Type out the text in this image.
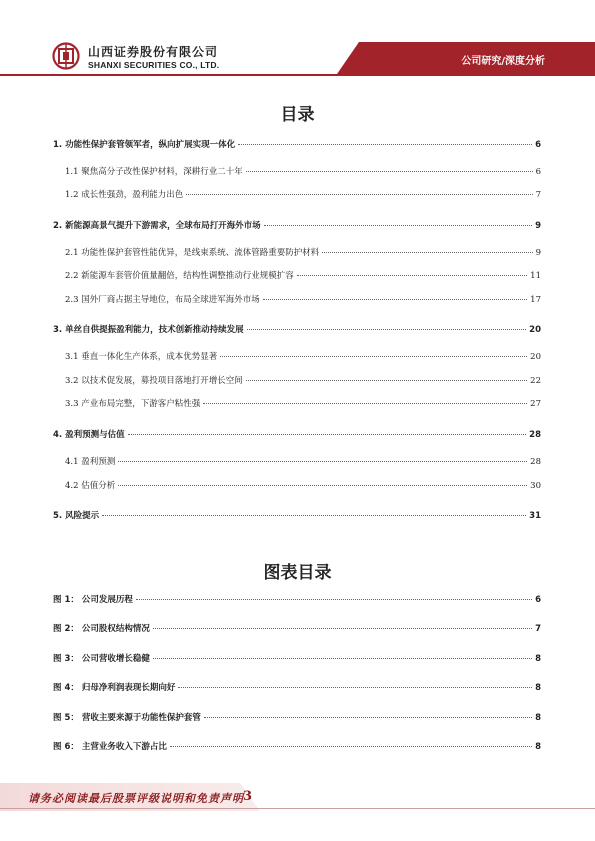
山西证券股份有限公司
SHANXI SECURITIES CO., LTD.	公司研究/深度分析
目录
1. 功能性保护套管领军者，纵向扩展实现一体化	6
1.1 聚焦高分子改性保护材料，深耕行业二十年	6
1.2 成长性强劲，盈利能力出色	7
2. 新能源高景气提升下游需求，全球布局打开海外市场	9
2.1 功能性保护套管性能优异，是线束系统、流体管路重要防护材料	9
2.2 新能源车套管价值量翻倍，结构性调整推动行业规模扩容	11
2.3 国外厂商占据主导地位，布局全球进军海外市场	17
3. 单丝自供提振盈利能力，技术创新推动持续发展	20
3.1 垂直一体化生产体系，成本优势显著	20
3.2 以技术促发展，募投项目落地打开增长空间	22
3.3 产业布局完整，下游客户粘性强	27
4. 盈利预测与估值	28
4.1 盈利预测	28
4.2 估值分析	30
5. 风险提示	31
图表目录
图 1： 公司发展历程	6
图 2： 公司股权结构情况	7
图 3： 公司营收增长稳健	8
图 4： 归母净利润表现长期向好	8
图 5： 营收主要来源于功能性保护套管	8
图 6： 主营业务收入下游占比	8
请务必阅读最后股票评级说明和免责声明 3
